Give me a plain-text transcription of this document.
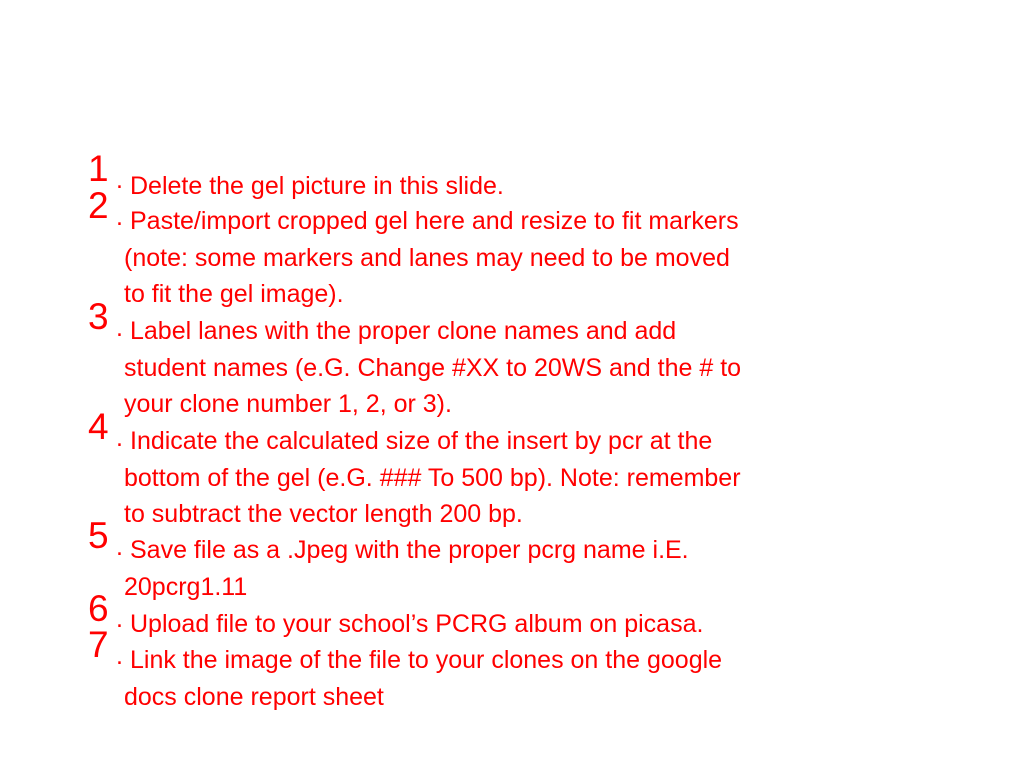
1 . Delete the gel picture in this slide.
2 . Paste/import cropped gel here and resize to fit markers
(note: some markers and lanes may need to be moved
to fit the gel image).
3 . Label lanes with the proper clone names and add
student names (e.G. Change #XX to 20WS and the # to
your clone number 1, 2, or 3).
4 . Indicate the calculated size of the insert by pcr at the
bottom of the gel (e.G. ### To 500 bp). Note: remember
to subtract the vector length 200 bp.
5 . Save file as a .Jpeg with the proper pcrg name i.E.
20pcrg1.11
6 . Upload file to your school’s PCRG album on picasa.
7 . Link the image of the file to your clones on the google
docs clone report sheet
